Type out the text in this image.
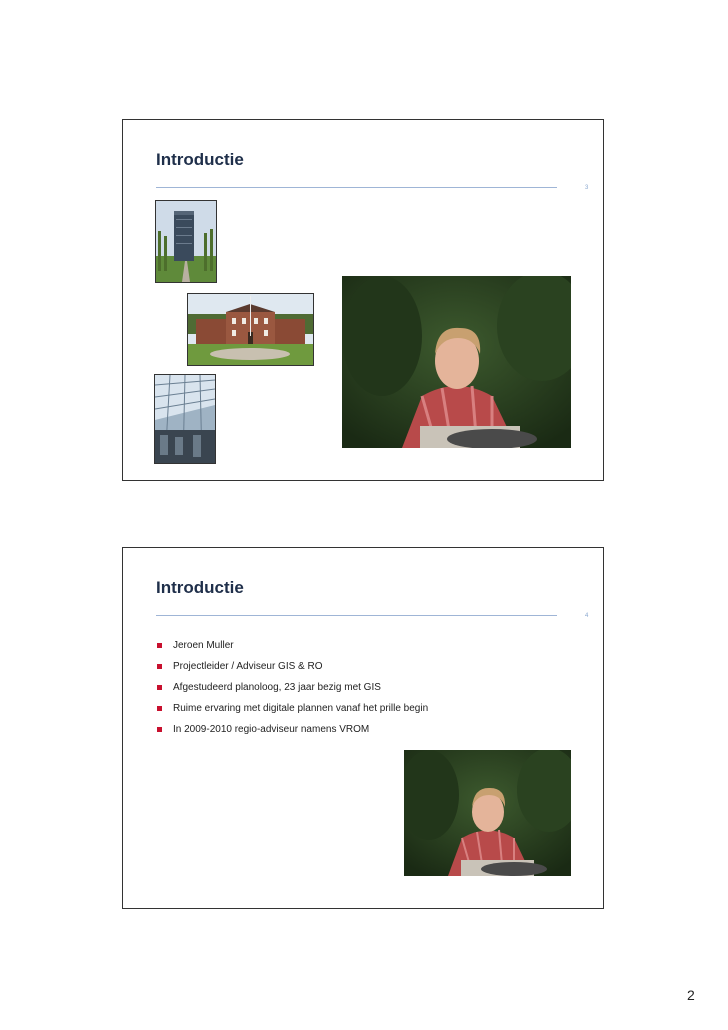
Introductie
3
Introductie
4
Jeroen Muller
Projectleider / Adviseur GIS & RO
Afgestudeerd planoloog, 23 jaar bezig met GIS
Ruime ervaring met digitale plannen vanaf het prille begin
In 2009-2010 regio-adviseur namens VROM
2
